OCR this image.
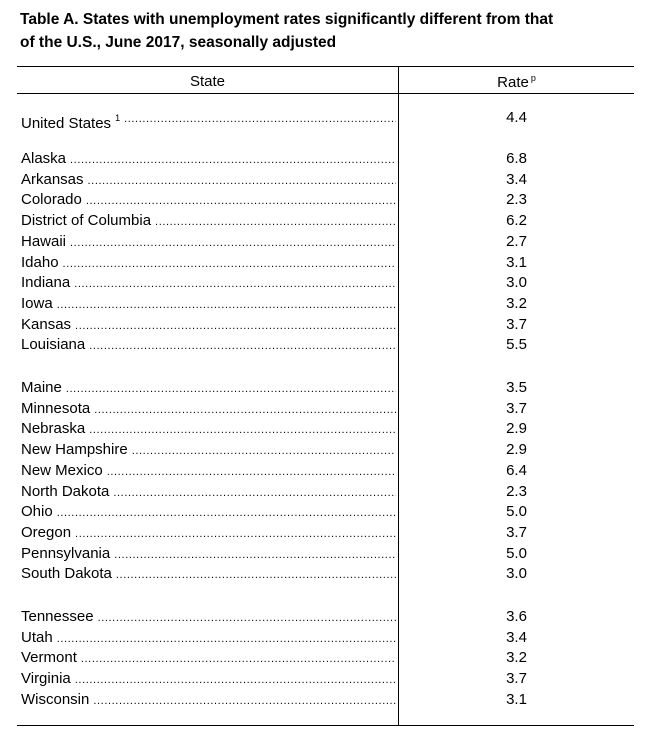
Table A. States with unemployment rates significantly different from that
of the U.S., June 2017, seasonally adjusted
State	Rate $^p$
United States $^1$ .....	4.4
Alaska .....	6.8
Arkansas .....	3.4
Colorado .....	2.3
District of Columbia .....	6.2
Hawaii .....	2.7
Idaho .....	3.1
Indiana .....	3.0
Iowa .....	3.2
Kansas .....	3.7
Louisiana .....	5.5
Maine .....	3.5
Minnesota .....	3.7
Nebraska .....	2.9
New Hampshire .....	2.9
New Mexico .....	6.4
North Dakota .....	2.3
Ohio .....	5.0
Oregon .....	3.7
Pennsylvania .....	5.0
South Dakota .....	3.0
Tennessee .....	3.6
Utah .....	3.4
Vermont .....	3.2
Virginia .....	3.7
Wisconsin .....	3.1
